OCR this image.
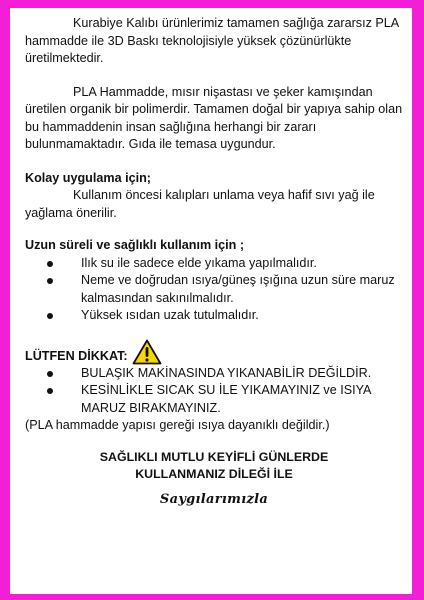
Kurabiye Kalıbı ürünlerimiz tamamen sağlığa zararsız PLA hammadde ile 3D Baskı teknolojisiyle yüksek çözünürlükte üretilmektedir.

PLA Hammadde, mısır nişastası ve şeker kamışından üretilen organik bir polimerdir. Tamamen doğal bir yapıya sahip olan bu hammaddenin insan sağlığına herhangi bir zararı bulunmamaktadır. Gıda ile temasa uygundur.

Kolay uygulama için;

Kullanım öncesi kalıpları unlama veya hafif sıvı yağ ile yağlama önerilir.

Uzun süreli ve sağlıklı kullanım için ;

Ilık su ile sadece elde yıkama yapılmalıdır.
Neme ve doğrudan ısıya/güneş ışığına uzun süre maruz kalmasından sakınılmalıdır.
Yüksek ısıdan uzak tutulmalıdır.
LÜTFEN DİKKAT:
BULAŞIK MAKİNASINDA YIKANABİLİR DEĞİLDİR.
KESİNLİKLE SICAK SU İLE YIKAMAYINIZ ve ISIYA MARUZ BIRAKMAYINIZ.

(PLA hammadde yapısı gereği ısıya dayanıklı değildir.)

SAĞLIKLI MUTLU KEYİFLİ GÜNLERDE
KULLANMANIZ DİLEĞİ İLE
Saygılarımızla
